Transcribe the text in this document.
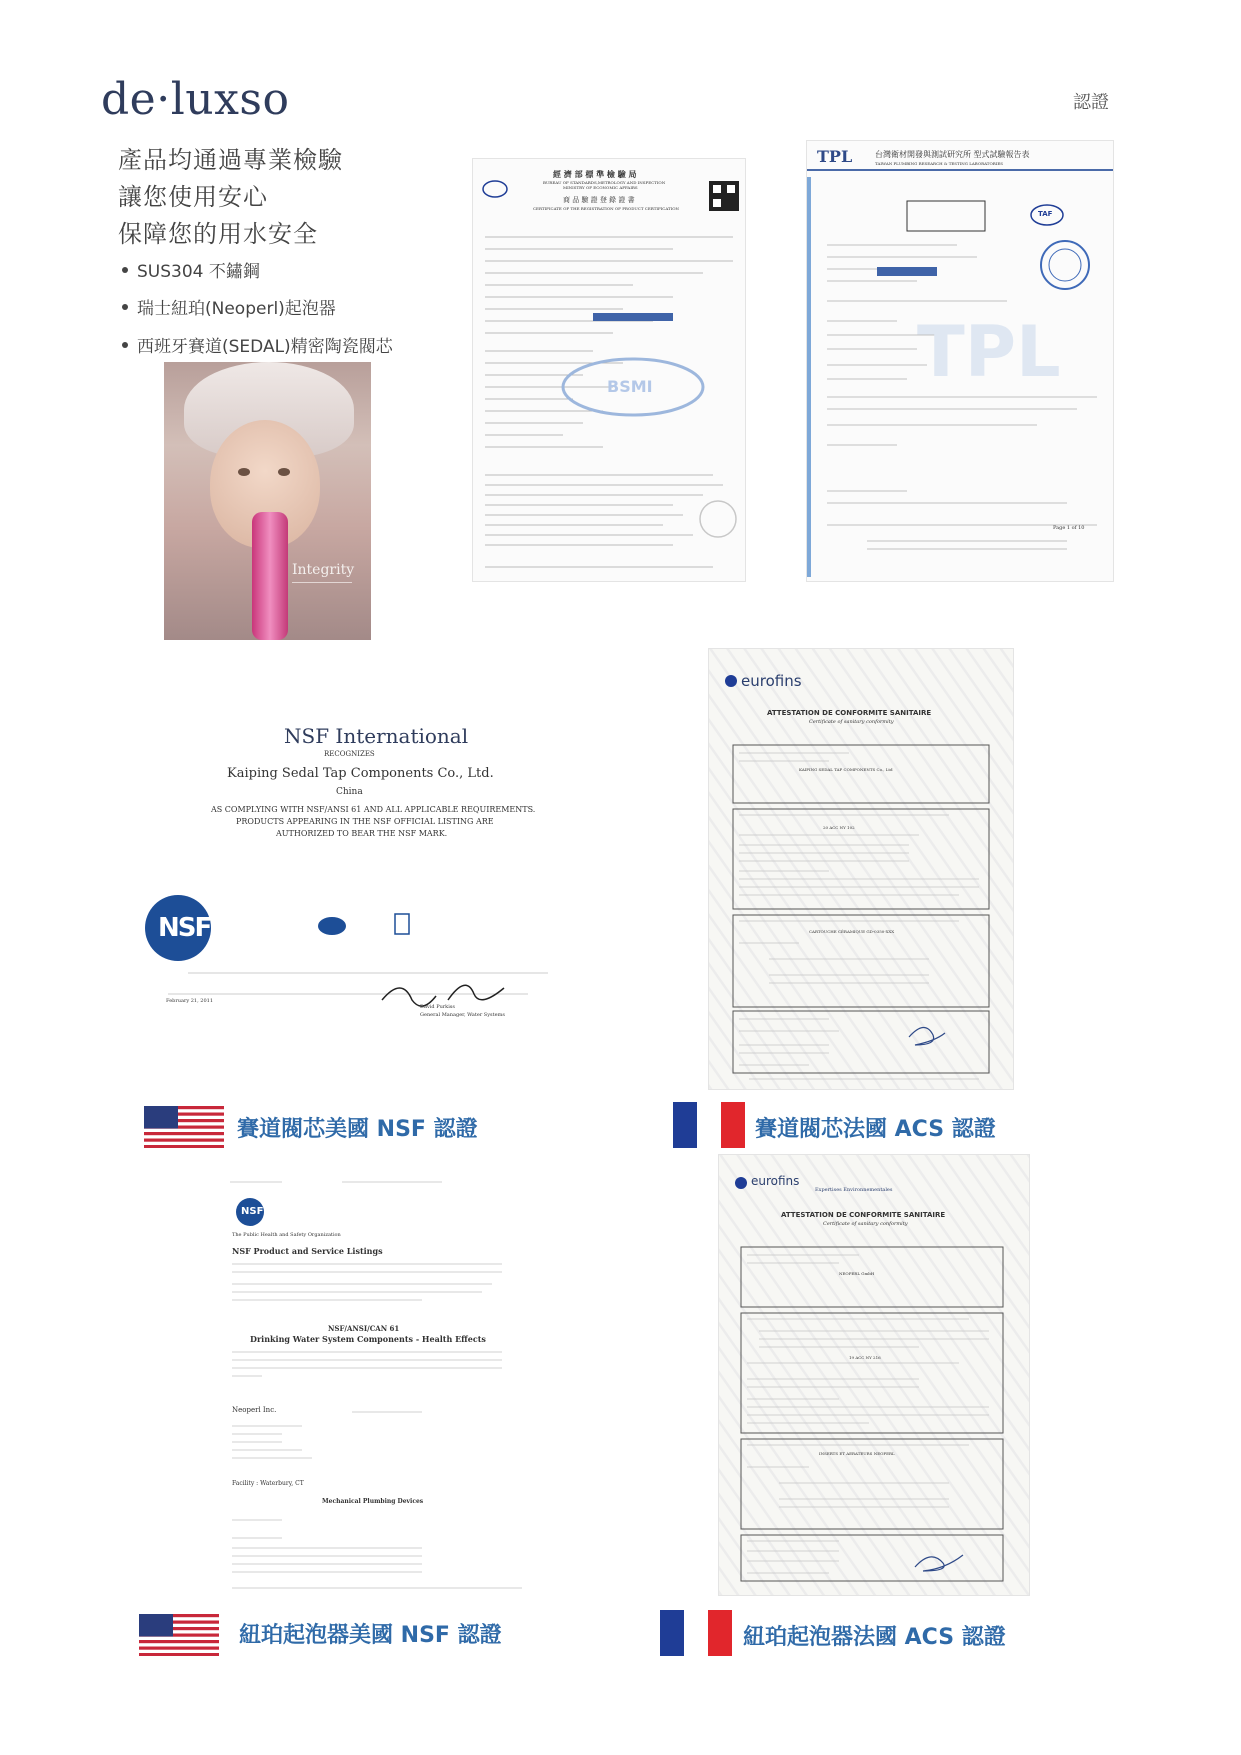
de·luxso	認證
產品均通過專業檢驗
讓您使用安心
保障您的用水安全
SUS304 不鏽鋼
瑞士紐珀(Neoperl)起泡器
西班牙賽道(SEDAL)精密陶瓷閥芯
Integrity
經 濟 部 標 準 檢 驗 局
BUREAU OF STANDARDS,METROLOGY AND INSPECTION
MINISTRY OF ECONOMIC AFFAIRS
商 品 驗 證 登 錄 證 書
CERTIFICATE OF THE REGISTRATION OF PRODUCT CERTIFICATION
BSMI	TPL
TPL	台灣衛材開發與測試研究所 型式試驗報告表
TAIWAN PLUMBING RESEARCH & TESTING LABORATORIES
TAF
Page 1 of 10
NSF International
RECOGNIZES
Kaiping Sedal Tap Components Co., Ltd.
China
AS COMPLYING WITH NSF/ANSI 61 AND ALL APPLICABLE REQUIREMENTS.
PRODUCTS APPEARING IN THE NSF OFFICIAL LISTING ARE
AUTHORIZED TO BEAR THE NSF MARK.
NSF
February 21, 2011
David Purkiss
General Manager, Water Systems
eurofins
ATTESTATION DE CONFORMITE SANITAIRE
Certificate of sanitary conformity
KAIPING SEDAL TAP COMPONENTS Co., Ltd
20 ACC NY 102
CARTOUCHE CÉRAMIQUE GD-0350-XXX
賽道閥芯美國 NSF 認證	賽道閥芯法國 ACS 認證
NSF
The Public Health and Safety Organization
NSF Product and Service Listings
NSF/ANSI/CAN 61
Drinking Water System Components - Health Effects
Neoperl Inc.
Facility : Waterbury, CT
Mechanical Plumbing Devices
eurofins
Expertises Environnementales
ATTESTATION DE CONFORMITE SANITAIRE
Certificate of sanitary conformity
NEOPERL GmbH
19 ACC NY 216
INSERTS ET AERATEURS NEOPERL
紐珀起泡器美國 NSF 認證	紐珀起泡器法國 ACS 認證
